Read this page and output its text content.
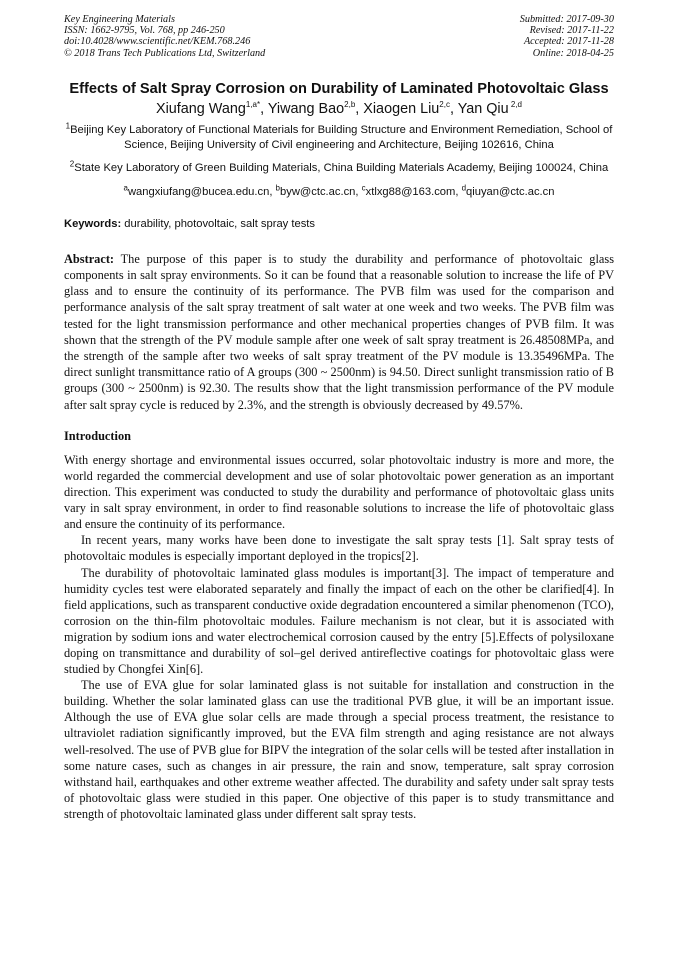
Key Engineering Materials
ISSN: 1662-9795, Vol. 768, pp 246-250
doi:10.4028/www.scientific.net/KEM.768.246
© 2018 Trans Tech Publications Ltd, Switzerland
Submitted: 2017-09-30
Revised: 2017-11-22
Accepted: 2017-11-28
Online: 2018-04-25
Effects of Salt Spray Corrosion on Durability of Laminated Photovoltaic Glass
Xiufang Wang$^{1,a*}$, Yiwang Bao$^{2,b}$, Xiaogen Liu$^{2,c}$, Yan Qiu $^{2,d}$
$^1$Beijing Key Laboratory of Functional Materials for Building Structure and Environment Remediation, School of Science, Beijing University of Civil engineering and Architecture, Beijing 102616, China
$^2$State Key Laboratory of Green Building Materials, China Building Materials Academy, Beijing 100024, China
$^a$wangxiufang@bucea.edu.cn, $^b$byw@ctc.ac.cn, $^c$xtlxg88@163.com, $^d$qiuyan@ctc.ac.cn
Keywords: durability, photovoltaic, salt spray tests
Abstract: The purpose of this paper is to study the durability and performance of photovoltaic glass components in salt spray environments. So it can be found that a reasonable solution to increase the life of PV glass and to ensure the continuity of its performance. The PVB film was used for the comparison and performance analysis of the salt spray treatment of salt water at one week and two weeks. The PVB film was tested for the light transmission performance and other mechanical properties changes of PVB film. It was shown that the strength of the PV module sample after one week of salt spray treatment is 26.48508MPa, and the strength of the sample after two weeks of salt spray treatment of the PV module is 13.35496MPa. The direct sunlight transmittance ratio of A groups (300 ~ 2500nm) is 94.50. Direct sunlight transmission ratio of B groups (300 ~ 2500nm) is 92.30. The results show that the light transmission performance of the PV module after salt spray cycle is reduced by 2.3%, and the strength is obviously decreased by 49.57%.
Introduction

With energy shortage and environmental issues occurred, solar photovoltaic industry is more and more, the world regarded the commercial development and use of solar photovoltaic power generation as an important direction. This experiment was conducted to study the durability and performance of photovoltaic glass units vary in salt spray environment, in order to find reasonable solutions to increase the life of photovoltaic glass and ensure the continuity of its performance.

In recent years, many works have been done to investigate the salt spray tests [1]. Salt spray tests of photovoltaic modules is especially important deployed in the tropics[2].

The durability of photovoltaic laminated glass modules is important[3]. The impact of temperature and humidity cycles test were elaborated separately and finally the impact of each on the other be clarified[4]. In field applications, such as transparent conductive oxide degradation encountered a similar phenomenon (TCO), corrosion on the thin-film photovoltaic modules. Failure mechanism is not clear, but it is associated with migration by sodium ions and water electrochemical corrosion caused by the entry [5].Effects of polysiloxane doping on transmittance and durability of sol–gel derived antireflective coatings for photovoltaic glass were studied by Chongfei Xin[6].

The use of EVA glue for solar laminated glass is not suitable for installation and construction in the building. Whether the solar laminated glass can use the traditional PVB glue, it will be an important issue. Although the use of EVA glue solar cells are made through a special process treatment, the resistance to ultraviolet radiation significantly improved, but the EVA film strength and aging resistance are not always well-resolved. The use of PVB glue for BIPV the integration of the solar cells will be tested after installation in some nature cases, such as changes in air pressure, the rain and snow, temperature, salt spray corrosion withstand hail, earthquakes and other extreme weather affected. The durability and safety under salt spray tests of photovoltaic glass were studied in this paper. One objective of this paper is to study transmittance and strength of photovoltaic laminated glass under different salt spray tests.
